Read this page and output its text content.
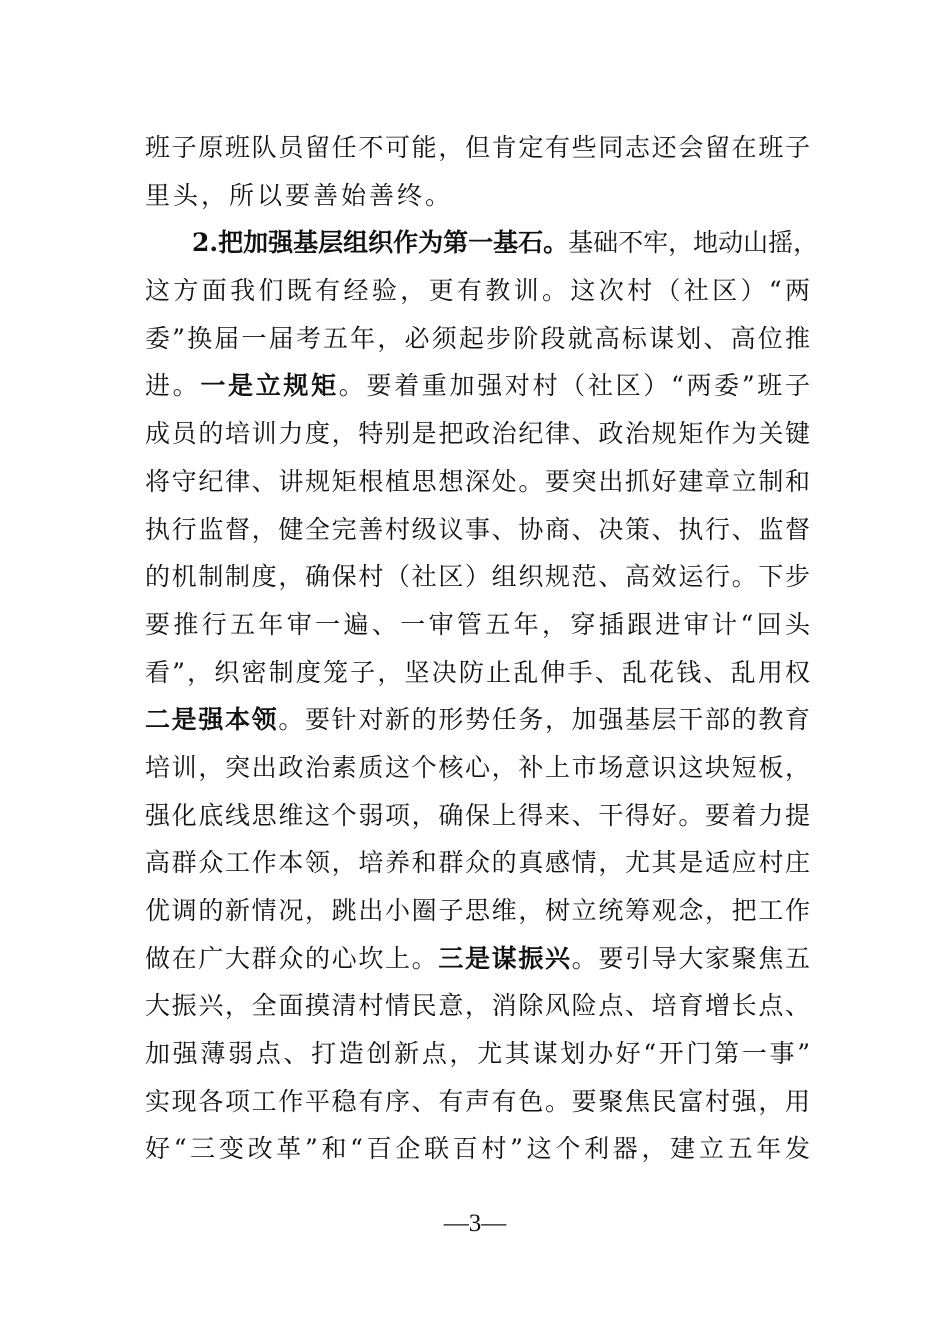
班子原班队员留任不可能，但肯定有些同志还会留在班子
里头，所以要善始善终。
2.把加强基层组织作为第一基石。基础不牢，地动山摇，
这方面我们既有经验，更有教训。这次村（社区）“两
委”换届一届考五年，必须起步阶段就高标谋划、高位推
进。一是立规矩。要着重加强对村（社区）“两委”班子
成员的培训力度，特别是把政治纪律、政治规矩作为关键
将守纪律、讲规矩根植思想深处。要突出抓好建章立制和
执行监督，健全完善村级议事、协商、决策、执行、监督
的机制制度，确保村（社区）组织规范、高效运行。下步
要推行五年审一遍、一审管五年，穿插跟进审计“回头
看”，织密制度笼子，坚决防止乱伸手、乱花钱、乱用权
二是强本领。要针对新的形势任务，加强基层干部的教育
培训，突出政治素质这个核心，补上市场意识这块短板，
强化底线思维这个弱项，确保上得来、干得好。要着力提
高群众工作本领，培养和群众的真感情，尤其是适应村庄
优调的新情况，跳出小圈子思维，树立统筹观念，把工作
做在广大群众的心坎上。三是谋振兴。要引导大家聚焦五
大振兴，全面摸清村情民意，消除风险点、培育增长点、
加强薄弱点、打造创新点，尤其谋划办好“开门第一事”
实现各项工作平稳有序、有声有色。要聚焦民富村强，用
好“三变改革”和“百企联百村”这个利器，建立五年发
—3—
